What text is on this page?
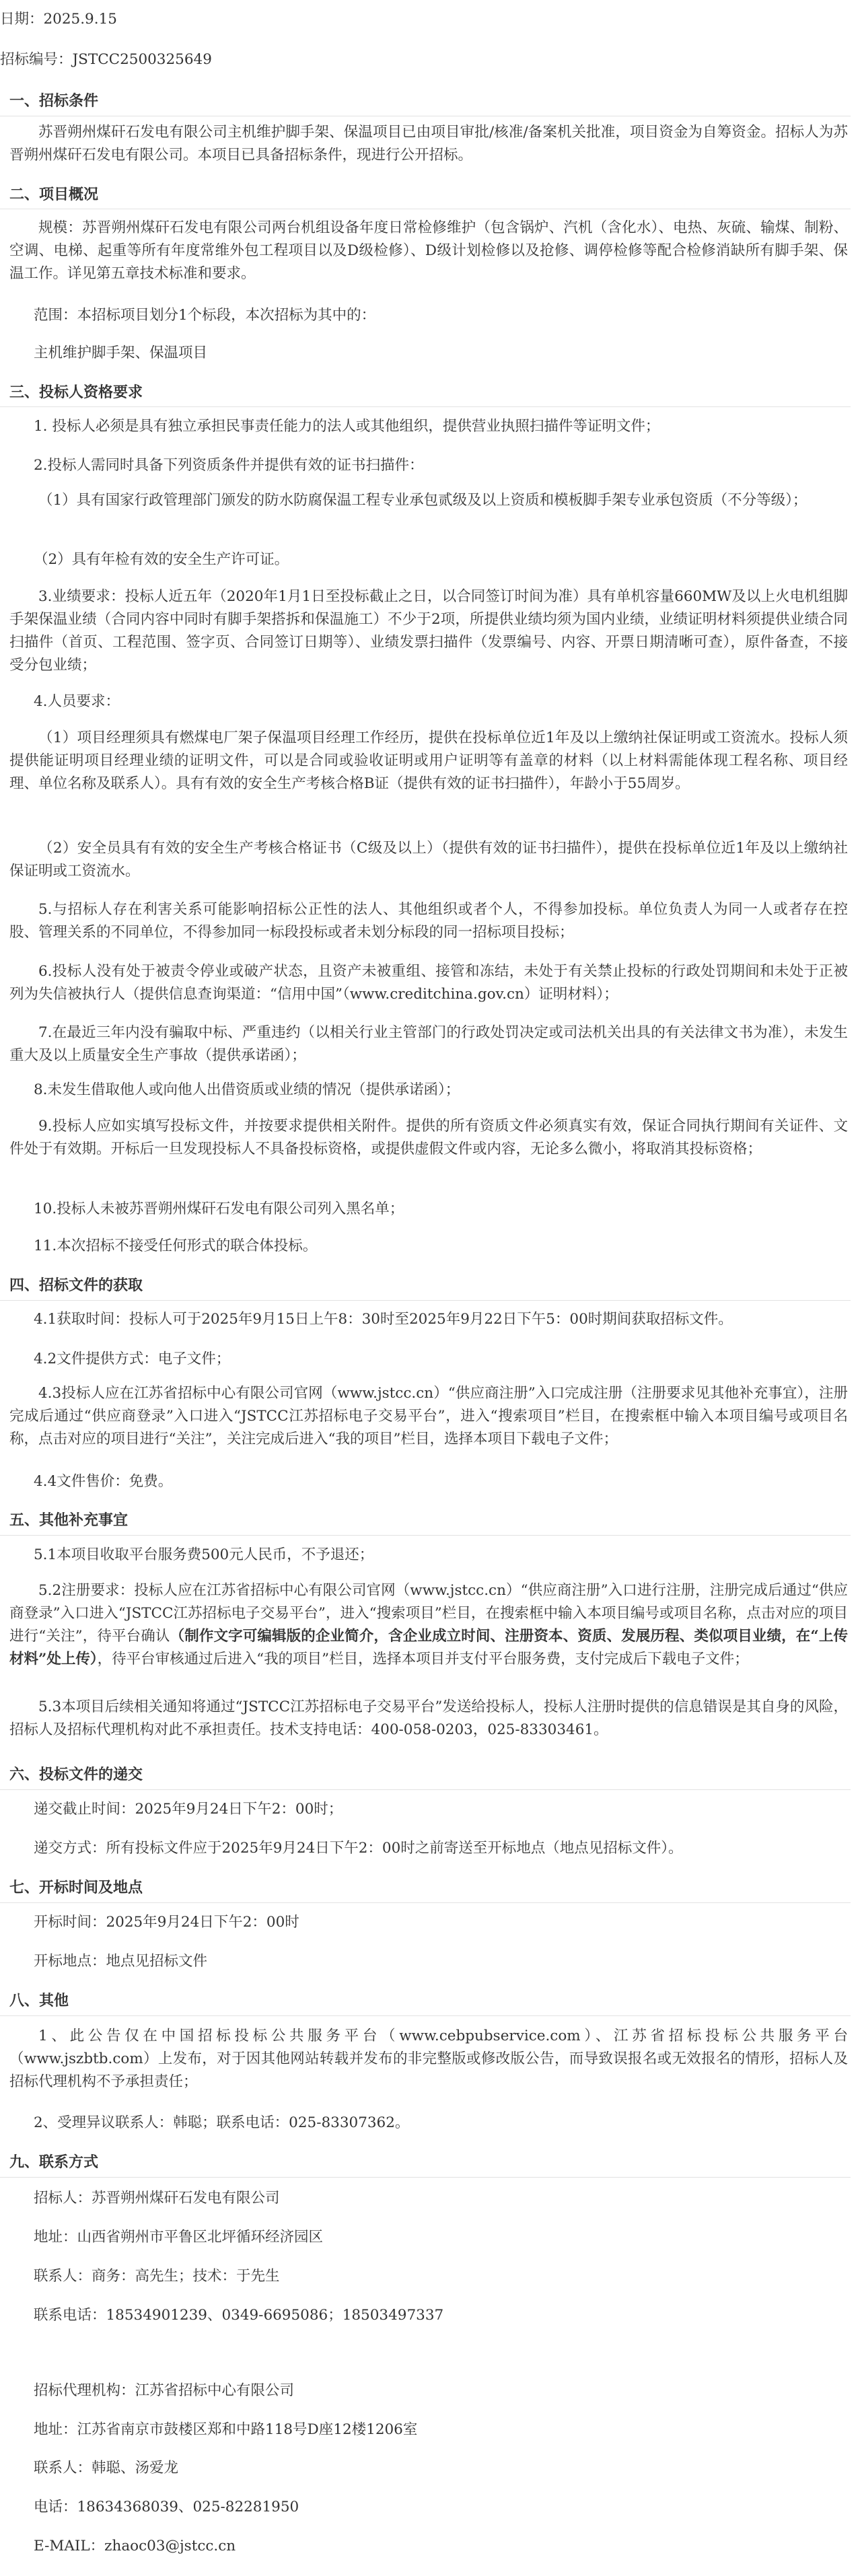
日期：2025.9.15

招标编号：JSTCC2500325649

一、招标条件

苏晋朔州煤矸石发电有限公司主机维护脚手架、保温项目已由项目审批/核准/备案机关批准，项目资金为自筹资金。招标人为苏晋朔州煤矸石发电有限公司。本项目已具备招标条件，现进行公开招标。

二、项目概况

规模：苏晋朔州煤矸石发电有限公司两台机组设备年度日常检修维护（包含锅炉、汽机（含化水）、电热、灰硫、输煤、制粉、空调、电梯、起重等所有年度常维外包工程项目以及D级检修）、D级计划检修以及抢修、调停检修等配合检修消缺所有脚手架、保温工作。详见第五章技术标准和要求。

范围：本招标项目划分1个标段，本次招标为其中的：

主机维护脚手架、保温项目

三、投标人资格要求

1. 投标人必须是具有独立承担民事责任能力的法人或其他组织，提供营业执照扫描件等证明文件；

2.投标人需同时具备下列资质条件并提供有效的证书扫描件：

（1）具有国家行政管理部门颁发的防水防腐保温工程专业承包贰级及以上资质和模板脚手架专业承包资质（不分等级）；

（2）具有年检有效的安全生产许可证。

3.业绩要求：投标人近五年（2020年1月1日至投标截止之日，以合同签订时间为准）具有单机容量660MW及以上火电机组脚手架保温业绩（合同内容中同时有脚手架搭拆和保温施工）不少于2项，所提供业绩均须为国内业绩，业绩证明材料须提供业绩合同扫描件（首页、工程范围、签字页、合同签订日期等）、业绩发票扫描件（发票编号、内容、开票日期清晰可查），原件备查，不接受分包业绩；

4.人员要求：

（1）项目经理须具有燃煤电厂架子保温项目经理工作经历，提供在投标单位近1年及以上缴纳社保证明或工资流水。投标人须提供能证明项目经理业绩的证明文件，可以是合同或验收证明或用户证明等有盖章的材料（以上材料需能体现工程名称、项目经理、单位名称及联系人）。具有有效的安全生产考核合格B证（提供有效的证书扫描件），年龄小于55周岁。

（2）安全员具有有效的安全生产考核合格证书（C级及以上）（提供有效的证书扫描件），提供在投标单位近1年及以上缴纳社保证明或工资流水。

5.与招标人存在利害关系可能影响招标公正性的法人、其他组织或者个人，不得参加投标。单位负责人为同一人或者存在控股、管理关系的不同单位，不得参加同一标段投标或者未划分标段的同一招标项目投标；

6.投标人没有处于被责令停业或破产状态，且资产未被重组、接管和冻结，未处于有关禁止投标的行政处罚期间和未处于正被列为失信被执行人（提供信息查询渠道：“信用中国”（www.creditchina.gov.cn）证明材料）；

7.在最近三年内没有骗取中标、严重违约（以相关行业主管部门的行政处罚决定或司法机关出具的有关法律文书为准），未发生重大及以上质量安全生产事故（提供承诺函）；

8.未发生借取他人或向他人出借资质或业绩的情况（提供承诺函）；

9.投标人应如实填写投标文件，并按要求提供相关附件。提供的所有资质文件必须真实有效，保证合同执行期间有关证件、文件处于有效期。开标后一旦发现投标人不具备投标资格，或提供虚假文件或内容，无论多么微小，将取消其投标资格；

10.投标人未被苏晋朔州煤矸石发电有限公司列入黑名单；

11.本次招标不接受任何形式的联合体投标。

四、招标文件的获取

4.1获取时间：投标人可于2025年9月15日上午8：30时至2025年9月22日下午5：00时期间获取招标文件。

4.2文件提供方式：电子文件；

4.3投标人应在江苏省招标中心有限公司官网（www.jstcc.cn）“供应商注册”入口完成注册（注册要求见其他补充事宜），注册完成后通过“供应商登录”入口进入“JSTCC江苏招标电子交易平台”，进入“搜索项目”栏目，在搜索框中输入本项目编号或项目名称，点击对应的项目进行“关注”，关注完成后进入“我的项目”栏目，选择本项目下载电子文件；

4.4文件售价：免费。

五、其他补充事宜

5.1本项目收取平台服务费500元人民币，不予退还；

5.2注册要求：投标人应在江苏省招标中心有限公司官网（www.jstcc.cn）“供应商注册”入口进行注册，注册完成后通过“供应商登录”入口进入“JSTCC江苏招标电子交易平台”，进入“搜索项目”栏目，在搜索框中输入本项目编号或项目名称，点击对应的项目进行“关注”，待平台确认（制作文字可编辑版的企业简介，含企业成立时间、注册资本、资质、发展历程、类似项目业绩，在“上传材料”处上传），待平台审核通过后进入“我的项目”栏目，选择本项目并支付平台服务费，支付完成后下载电子文件；

5.3本项目后续相关通知将通过“JSTCC江苏招标电子交易平台”发送给投标人，投标人注册时提供的信息错误是其自身的风险，招标人及招标代理机构对此不承担责任。技术支持电话：400-058-0203，025-83303461。

六、投标文件的递交

递交截止时间：2025年9月24日下午2：00时；

递交方式：所有投标文件应于2025年9月24日下午2：00时之前寄送至开标地点（地点见招标文件）。

七、开标时间及地点

开标时间：2025年9月24日下午2：00时

开标地点：地点见招标文件

八、其他

1、此公告仅在中国招标投标公共服务平台（www.cebpubservice.com）、江苏省招标投标公共服务平台（www.jszbtb.com）上发布，对于因其他网站转载并发布的非完整版或修改版公告，而导致误报名或无效报名的情形，招标人及招标代理机构不予承担责任；

2、受理异议联系人：韩聪；联系电话：025-83307362。

九、联系方式

招标人：苏晋朔州煤矸石发电有限公司

地址：山西省朔州市平鲁区北坪循环经济园区

联系人：商务：高先生；技术：于先生

联系电话：18534901239、0349-6695086；18503497337

招标代理机构：江苏省招标中心有限公司

地址：江苏省南京市鼓楼区郑和中路118号D座12楼1206室

联系人：韩聪、汤爱龙

电话：18634368039、025-82281950

E-MAIL：zhaoc03@jstcc.cn
